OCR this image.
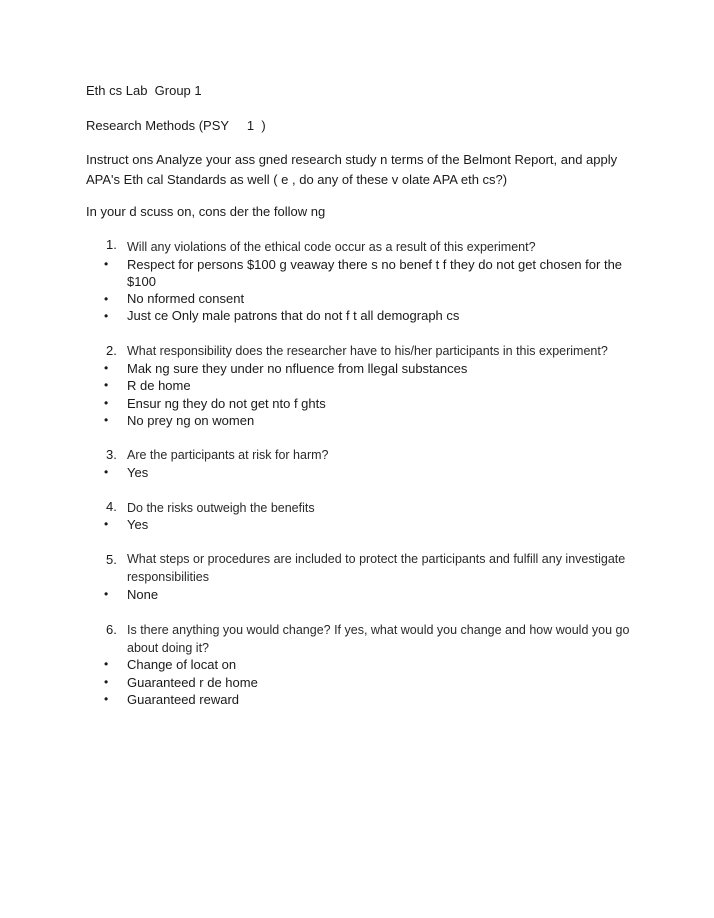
Eth cs Lab  Group 1

Research Methods (PSY     1  )

Instruct ons Analyze your ass gned research study n terms of the Belmont Report, and apply APA's Eth cal Standards as well ( e , do any of these v olate APA eth cs?)

In your d scuss on, cons der the follow ng

1. Will any violations of the ethical code occur as a result of this experiment?
• Respect for persons $100 g veaway there s no benef t f they do not get chosen for the $100
• No nformed consent
• Just ce Only male patrons that do not f t all demograph cs
2. What responsibility does the researcher have to his/her participants in this experiment?
• Mak ng sure they under no nfluence from llegal substances
• R de home
• Ensur ng they do not get nto f ghts
• No prey ng on women
3. Are the participants at risk for harm?
• Yes
4. Do the risks outweigh the benefits
• Yes
5. What steps or procedures are included to protect the participants and fulfill any investigate responsibilities
• None
6. Is there anything you would change? If yes, what would you change and how would you go about doing it?
• Change of locat on
• Guaranteed r de home
• Guaranteed reward
